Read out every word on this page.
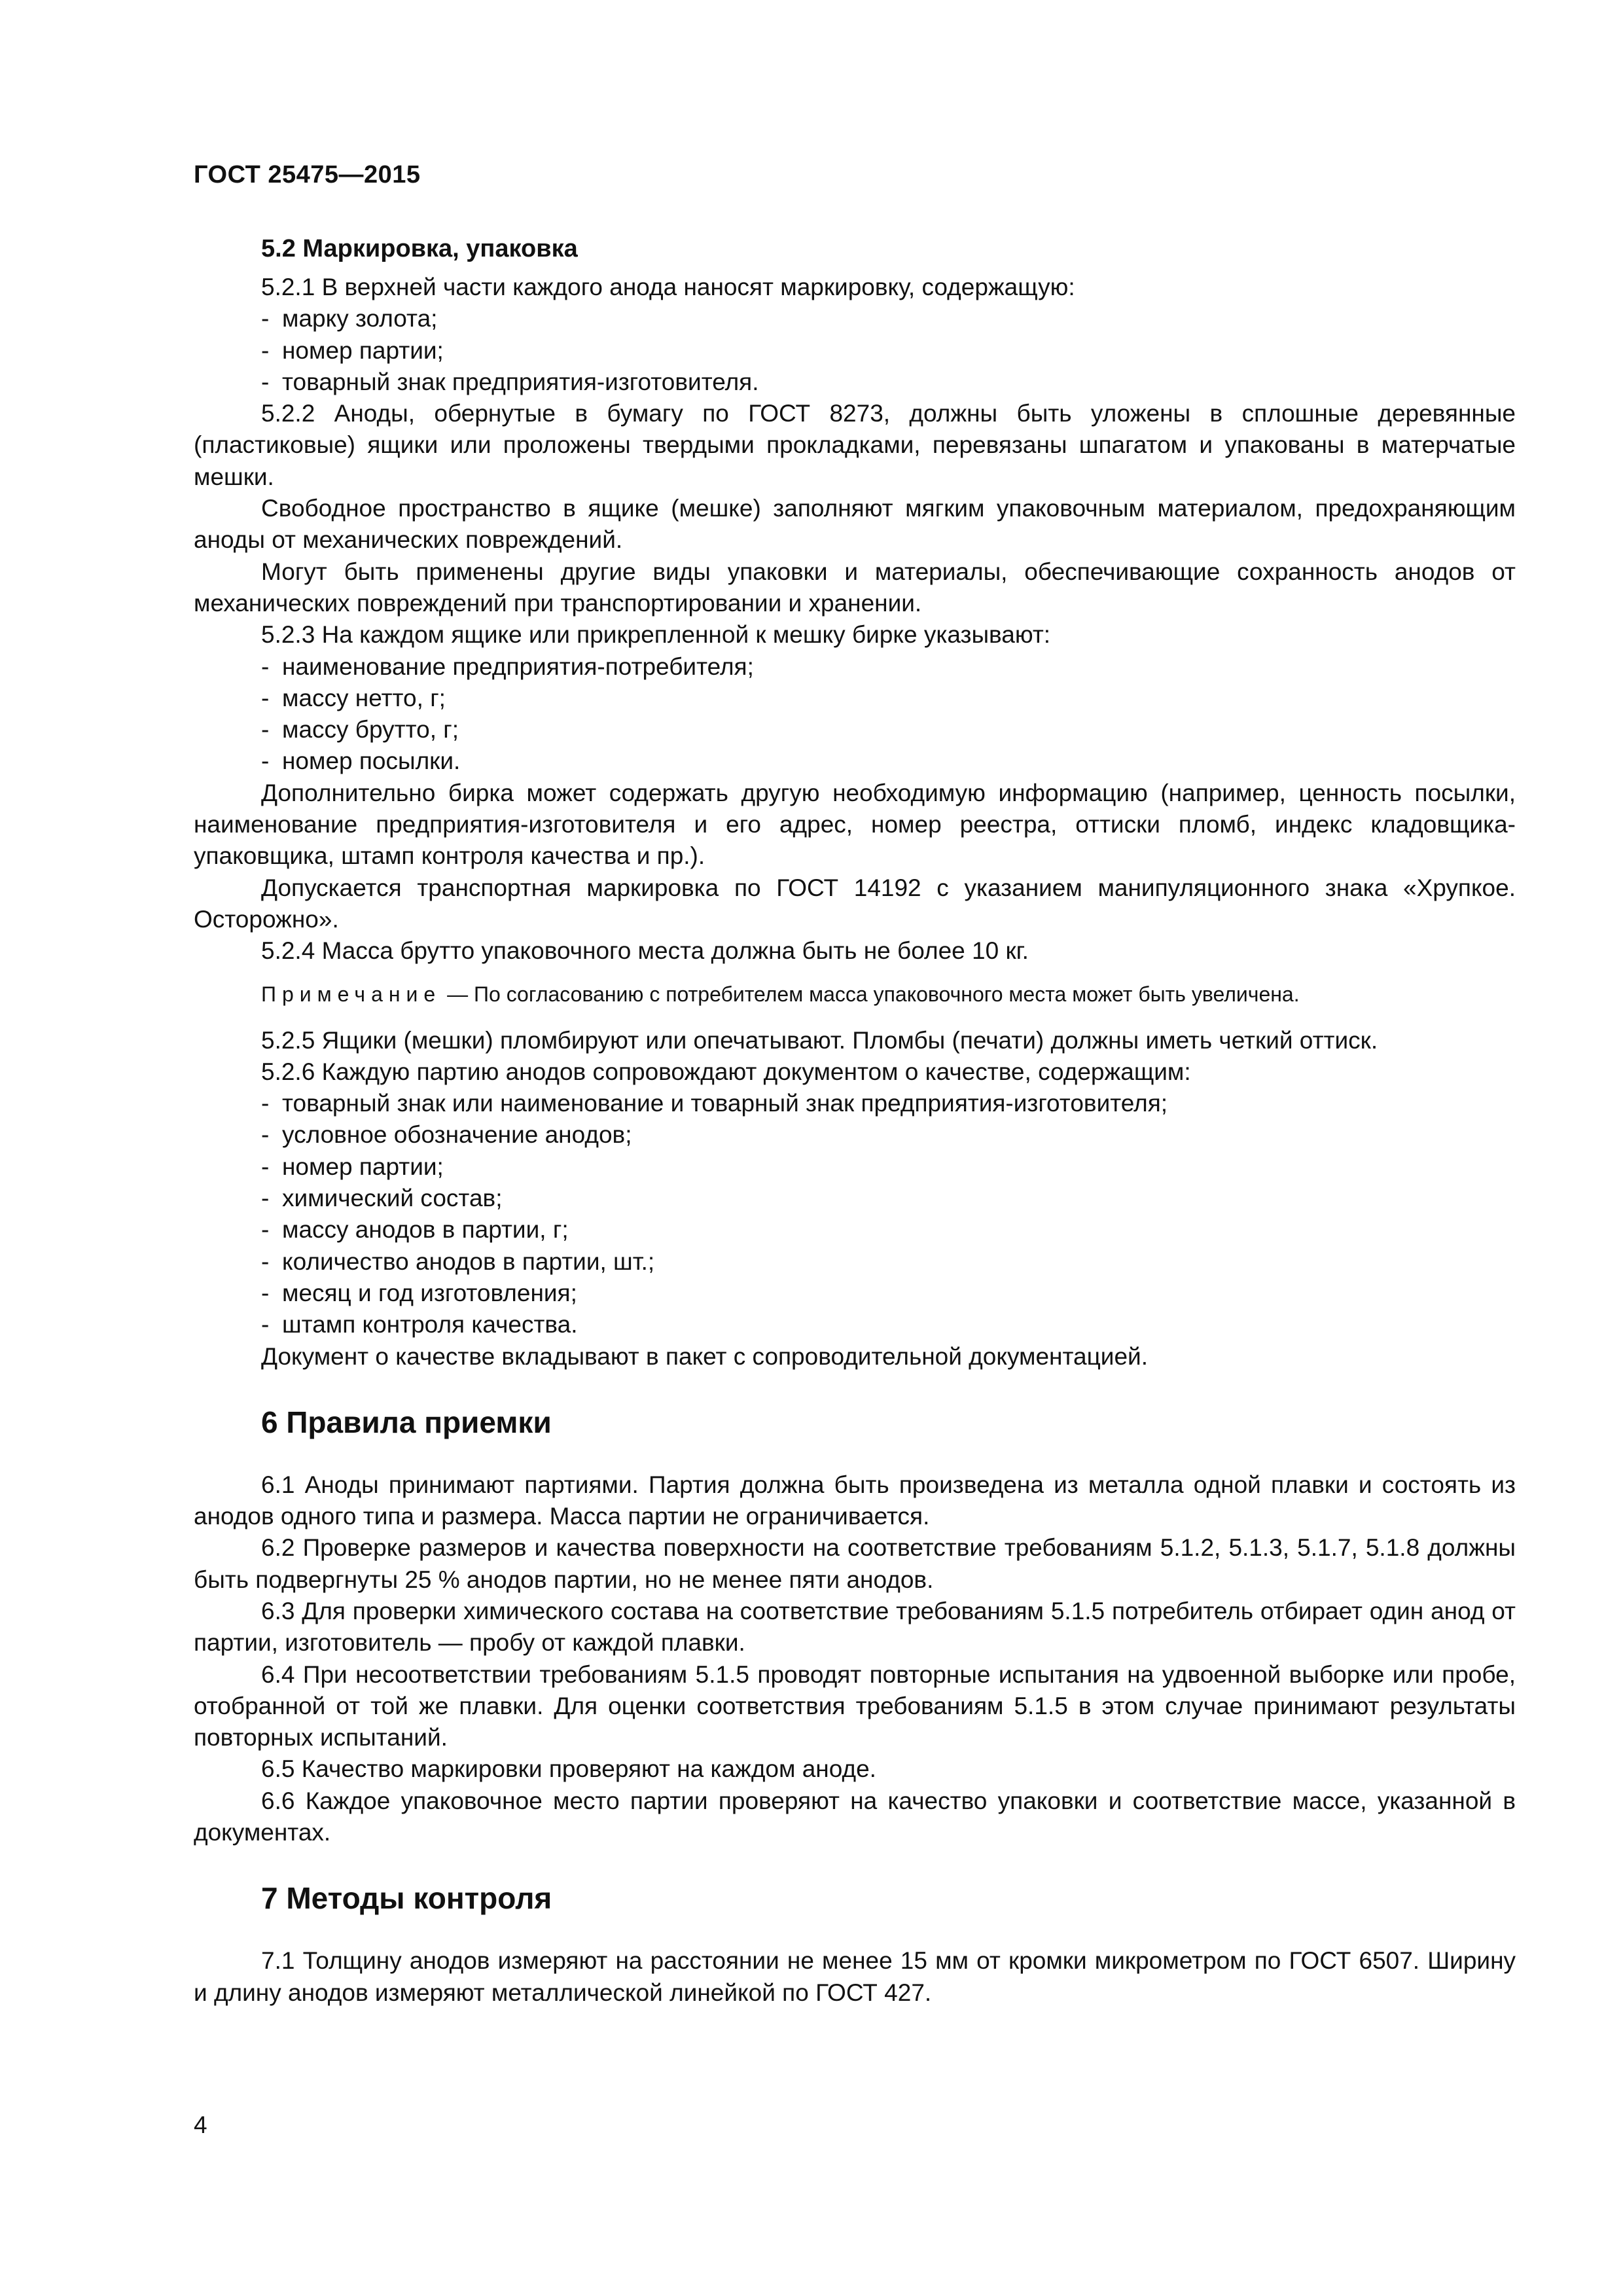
ГОСТ 25475—2015
5.2 Маркировка, упаковка

5.2.1 В верхней части каждого анода наносят маркировку, содержащую:

- марку золота;
- номер партии;
- товарный знак предприятия-изготовителя.

5.2.2 Аноды, обернутые в бумагу по ГОСТ 8273, должны быть уложены в сплошные деревянные (пластиковые) ящики или проложены твердыми прокладками, перевязаны шпагатом и упакованы в матерчатые мешки.

Свободное пространство в ящике (мешке) заполняют мягким упаковочным материалом, предохраняющим аноды от механических повреждений.

Могут быть применены другие виды упаковки и материалы, обеспечивающие сохранность анодов от механических повреждений при транспортировании и хранении.

5.2.3 На каждом ящике или прикрепленной к мешку бирке указывают:

- наименование предприятия-потребителя;
- массу нетто, г;
- массу брутто, г;
- номер посылки.

Дополнительно бирка может содержать другую необходимую информацию (например, ценность посылки, наименование предприятия-изготовителя и его адрес, номер реестра, оттиски пломб, индекс кладовщика-упаковщика, штамп контроля качества и пр.).

Допускается транспортная маркировка по ГОСТ 14192 с указанием манипуляционного знака «Хрупкое. Осторожно».

5.2.4 Масса брутто упаковочного места должна быть не более 10 кг.

Примечание — По согласованию с потребителем масса упаковочного места может быть увеличена.

5.2.5 Ящики (мешки) пломбируют или опечатывают. Пломбы (печати) должны иметь четкий оттиск.

5.2.6 Каждую партию анодов сопровождают документом о качестве, содержащим:

- товарный знак или наименование и товарный знак предприятия-изготовителя;
- условное обозначение анодов;
- номер партии;
- химический состав;
- массу анодов в партии, г;
- количество анодов в партии, шт.;
- месяц и год изготовления;
- штамп контроля качества.

Документ о качестве вкладывают в пакет с сопроводительной документацией.

6 Правила приемки

6.1 Аноды принимают партиями. Партия должна быть произведена из металла одной плавки и состоять из анодов одного типа и размера. Масса партии не ограничивается.

6.2 Проверке размеров и качества поверхности на соответствие требованиям 5.1.2, 5.1.3, 5.1.7, 5.1.8 должны быть подвергнуты 25 % анодов партии, но не менее пяти анодов.

6.3 Для проверки химического состава на соответствие требованиям 5.1.5 потребитель отбирает один анод от партии, изготовитель — пробу от каждой плавки.

6.4 При несоответствии требованиям 5.1.5 проводят повторные испытания на удвоенной выборке или пробе, отобранной от той же плавки. Для оценки соответствия требованиям 5.1.5 в этом случае принимают результаты повторных испытаний.

6.5 Качество маркировки проверяют на каждом аноде.

6.6 Каждое упаковочное место партии проверяют на качество упаковки и соответствие массе, указанной в документах.

7 Методы контроля

7.1 Толщину анодов измеряют на расстоянии не менее 15 мм от кромки микрометром по ГОСТ 6507. Ширину и длину анодов измеряют металлической линейкой по ГОСТ 427.

4
